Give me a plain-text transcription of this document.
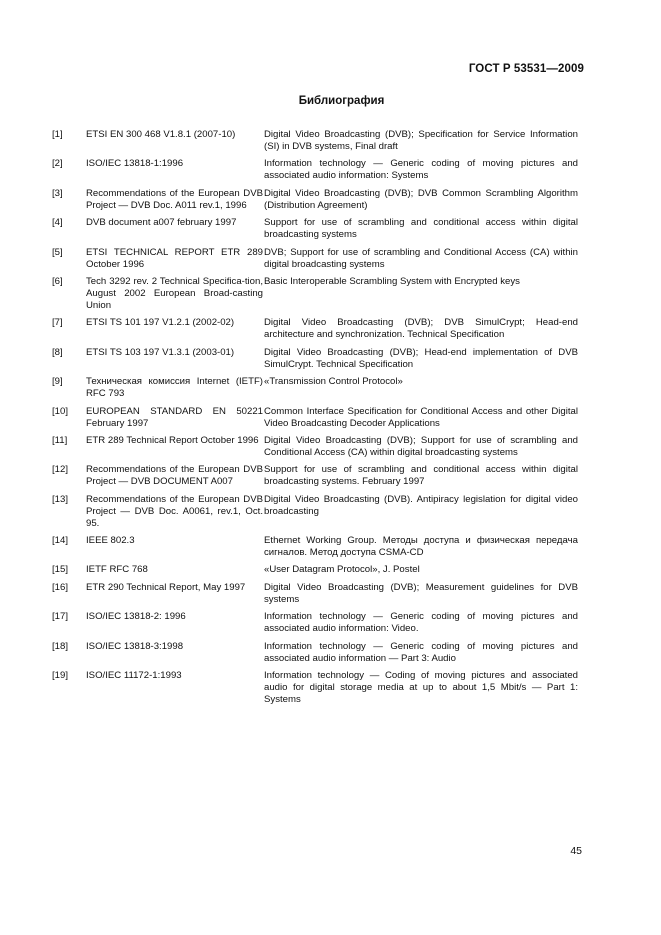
ГОСТ Р 53531—2009
Библиография
[1]	ETSI EN 300 468 V1.8.1 (2007-10)	Digital Video Broadcasting (DVB); Specification for Service Information (SI) in DVB systems, Final draft
[2]	ISO/IEC 13818-1:1996	Information technology — Generic coding of moving pictures and associated audio information: Systems
[3]	Recommendations of the European DVB Project — DVB Doc. A011 rev.1, 1996	Digital Video Broadcasting (DVB); DVB Common Scrambling Algorithm (Distribution Agreement)
[4]	DVB document a007 february 1997	Support for use of scrambling and conditional access within digital broadcasting systems
[5]	ETSI TECHNICAL REPORT ETR 289 October 1996	DVB; Support for use of scrambling and Conditional Access (CA) within digital broadcasting systems
[6]	Tech 3292 rev. 2 Technical Specifica-tion, August 2002 European Broad-casting Union	Basic Interoperable Scrambling System with Encrypted keys
[7]	ETSI TS 101 197 V1.2.1 (2002-02)	Digital Video Broadcasting (DVB); DVB SimulCrypt; Head-end architecture and synchronization. Technical Specification
[8]	ETSI TS 103 197 V1.3.1 (2003-01)	Digital Video Broadcasting (DVB); Head-end implementation of DVB SimulCrypt. Technical Specification
[9]	Техническая комиссия Internet (IETF) RFC 793	«Transmission Control Protocol»
[10]	EUROPEAN STANDARD EN 50221 February 1997	Common Interface Specification for Conditional Access and other Digital Video Broadcasting Decoder Applications
[11]	ETR 289 Technical Report October 1996	Digital Video Broadcasting (DVB); Support for use of scrambling and Conditional Access (CA) within digital broadcasting systems
[12]	Recommendations of the European DVB Project — DVB DOCUMENT A007	Support for use of scrambling and conditional access within digital broadcasting systems. February 1997
[13]	Recommendations of the European DVB Project — DVB Doc. A0061, rev.1, Oct. 95.	Digital Video Broadcasting (DVB). Antipiracy legislation for digital video broadcasting
[14]	IEEE 802.3	Ethernet Working Group. Методы доступа и физическая передача сигналов. Метод доступа CSMA-CD
[15]	IETF RFC 768	«User Datagram Protocol», J. Postel
[16]	ETR 290 Technical Report, May 1997	Digital Video Broadcasting (DVB); Measurement guidelines for DVB systems
[17]	ISO/IEC 13818-2: 1996	Information technology — Generic coding of moving pictures and associated audio information: Video.
[18]	ISO/IEC 13818-3:1998	Information technology — Generic coding of moving pictures and associated audio information — Part 3: Audio
[19]	ISO/IEC 11172-1:1993	Information technology — Coding of moving pictures and associated audio for digital storage media at up to about 1,5 Mbit/s — Part 1: Systems
45
